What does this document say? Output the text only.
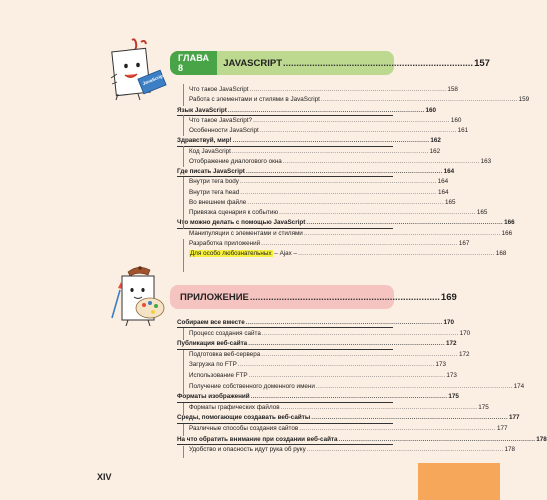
JavaScript
ГЛАВА 8	JAVASCRIPT ........................................................................ 157
Что такое JavaScript ................................................................................................ 158
Работа с элементами и стилями в JavaScript ................................................................................................ 159
Язык JavaScript ................................................................................................ 160
Что такое JavaScript? ................................................................................................ 160
Особенности JavaScript ................................................................................................ 161
Здравствуй, мир! ................................................................................................ 162
Код JavaScript ................................................................................................ 162
Отображение диалогового окна ................................................................................................ 163
Где писать JavaScript ................................................................................................ 164
Внутри тега body ................................................................................................ 164
Внутри тега head ................................................................................................ 164
Во внешнем файле ................................................................................................ 165
Привязка сценария к событию ................................................................................................ 165
Что можно делать с помощью JavaScript ................................................................................................ 166
Манипуляции с элементами и стилями ................................................................................................ 166
Разработка приложений ................................................................................................ 167
Для особо любознательных – Ajax – ................................................................................................ 168
ПРИЛОЖЕНИЕ ........................................................................ 169
Собираем все вместе ................................................................................................ 170
Процесс создания сайта ................................................................................................ 170
Публикация веб-сайта ................................................................................................ 172
Подготовка веб-сервера ................................................................................................ 172
Загрузка по FTP ................................................................................................ 173
Использование FTP ................................................................................................ 173
Получение собственного доменного имени ................................................................................................ 174
Форматы изображений ................................................................................................ 175
Форматы графических файлов ................................................................................................ 175
Среды, помогающие создавать веб-сайты ................................................................................................ 177
Различные способы создания сайтов ................................................................................................ 177
На что обратить внимание при создании веб-сайта ................................................................................................ 178
Удобство и опасность идут рука об руку ................................................................................................ 178
XIV
